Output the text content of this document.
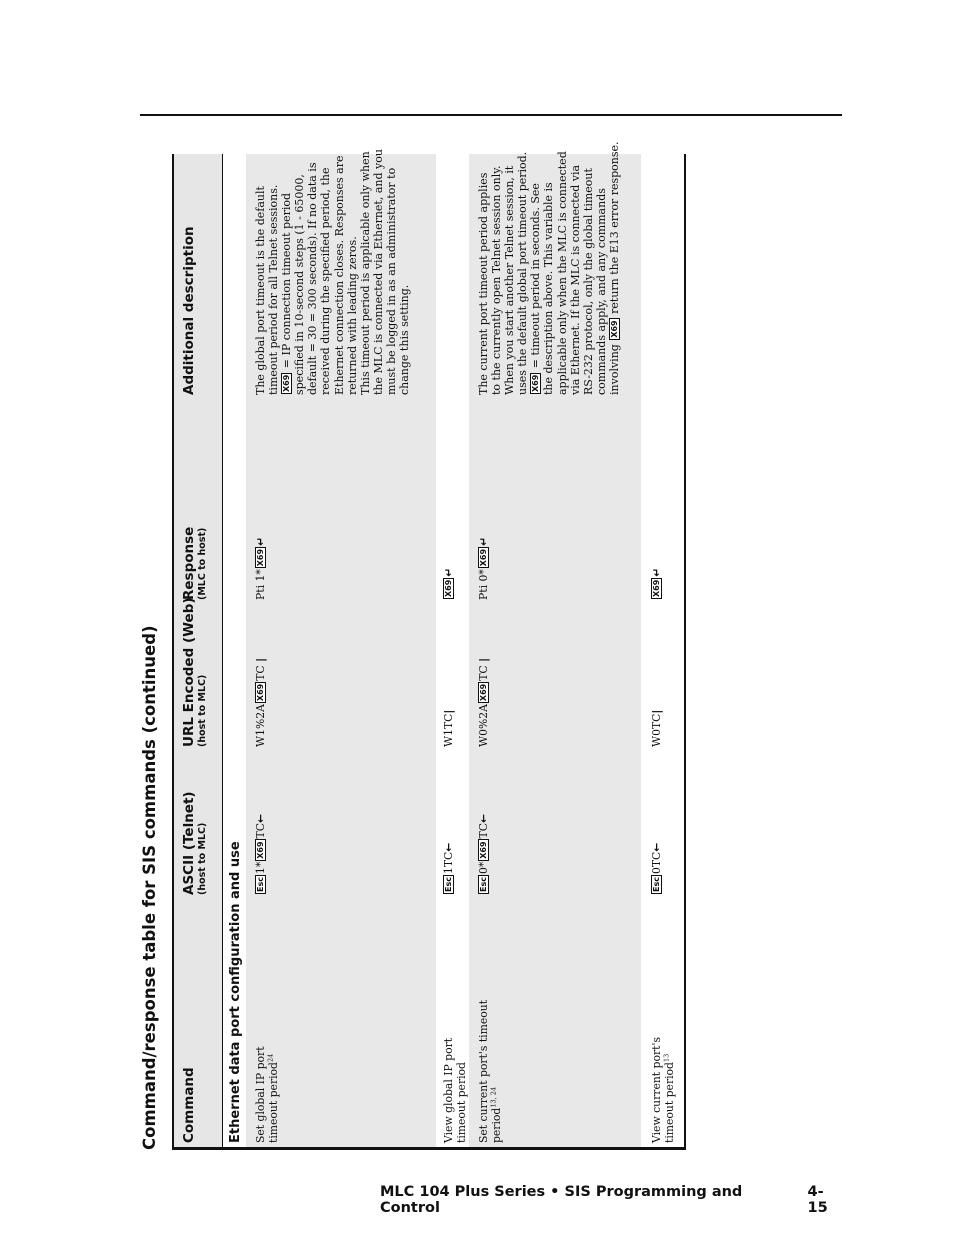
Command/response table for SIS commands (continued) Command
ASCII (Telnet) (host to MLC)
URL Encoded (Web) (host to MLC)
Response (MLC to host)
Additional description
Ethernet data port configuration and use Set global IP port timeout period$^{24}$
Esc1*X69TC←
W1%2AX69TC |
Pti 1*X69↵
The global port timeout is the default timeout period for all Telnet sessions. X69 = IP connection timeout period specified in 10-second steps (1 - 65000, default = 30 = 300 seconds). If no data is received during the specified period, the Ethernet connection closes. Responses are returned with leading zeros. This timeout period is applicable only when the MLC is connected via Ethernet, and you must be logged in as an administrator to change this setting.
View global IP port timeout period
Esc1TC←
W1TC|
X69↵
Set current port's timeout period$^{13, 24}$
Esc0*X69TC←
W0%2AX69TC |
Pti 0*X69↵
The current port timeout period applies to the currently open Telnet session only. When you start another Telnet session, it uses the default global port timeout period. X69 = timeout period in seconds. See the description above. This variable is applicable only when the MLC is connected via Ethernet. If the MLC is connected via RS-232 protocol, only the global timeout commands apply, and any commands involving X69 return the E13 error response.
View current port's timeout period$^{13}$
Esc0TC←
W0TC|
X69↵
MLC 104 Plus Series • SIS Programming and Control
4-15
